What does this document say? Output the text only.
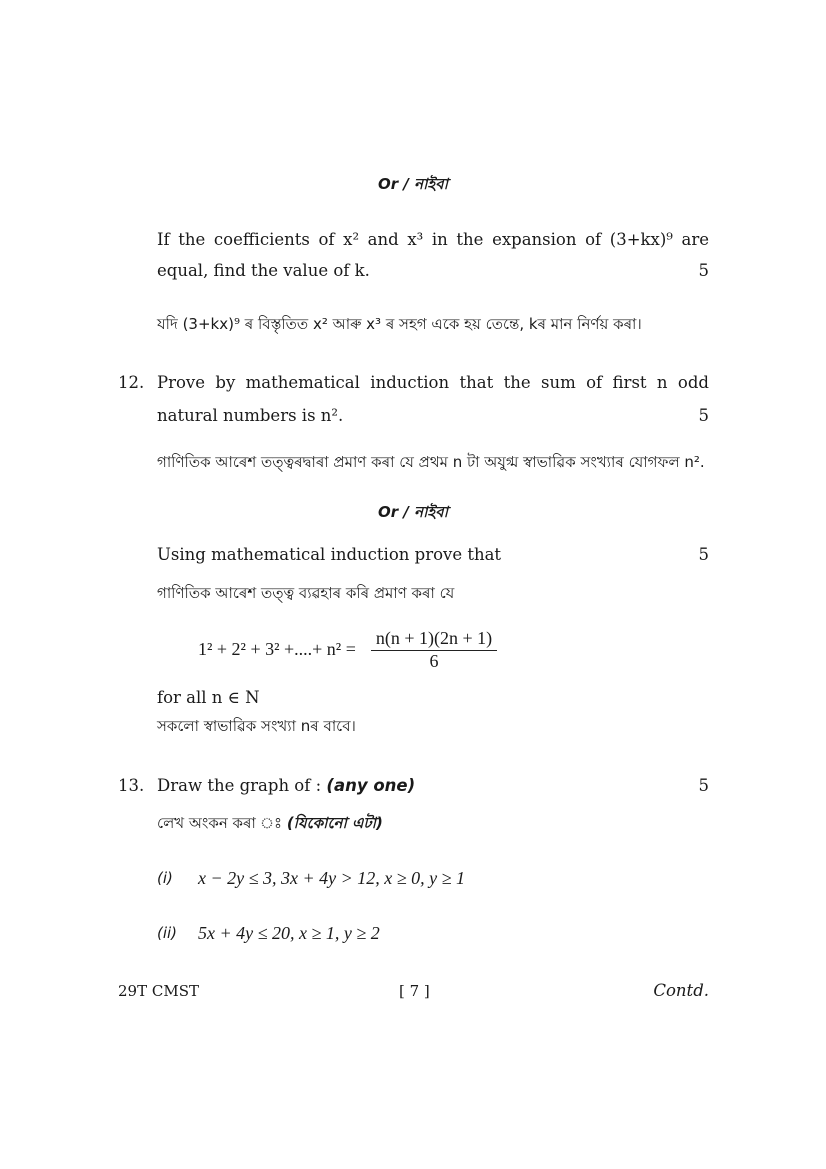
Or / নাইবা
If the coefficients of x² and x³ in the expansion of (3+kx)⁹ are
equal, find the value of k.	5
যদি (3+kx)⁹ ৰ বিস্তৃতিত x² আৰু x³ ৰ সহগ একে হয় তেন্তে, kৰ মান নিৰ্ণয় কৰা।
12. Prove by mathematical induction that the sum of first n odd
natural numbers is n².	5
গাণিতিক আৰেশ তত্ত্বৰদ্বাৰা প্ৰমাণ কৰা যে প্ৰথম n টা অযুগ্ম স্বাভাৱিক সংখ্যাৰ যোগফল n².
Or / নাইবা
Using mathematical induction prove that	5
গাণিতিক আৰেশ তত্ত্ব ব্যৱহাৰ কৰি প্ৰমাণ কৰা যে
1² + 2² + 3² +....+ $n^2 = \frac{n(n + 1)(2n + 1)}{6}$
for all n ∈ N
সকলো স্বাভাৱিক সংখ্যা nৰ বাবে।
13. Draw the graph of : (any one)	5
লেখ অংকন কৰা ঃ (যিকোনো এটা)
(i) x − 2y ≤ 3, 3x + 4y > 12, x ≥ 0, y ≥ 1
(ii) 5x + 4y ≤ 20, x ≥ 1, y ≥ 2
29T CMST	[ 7 ]	Contd.
